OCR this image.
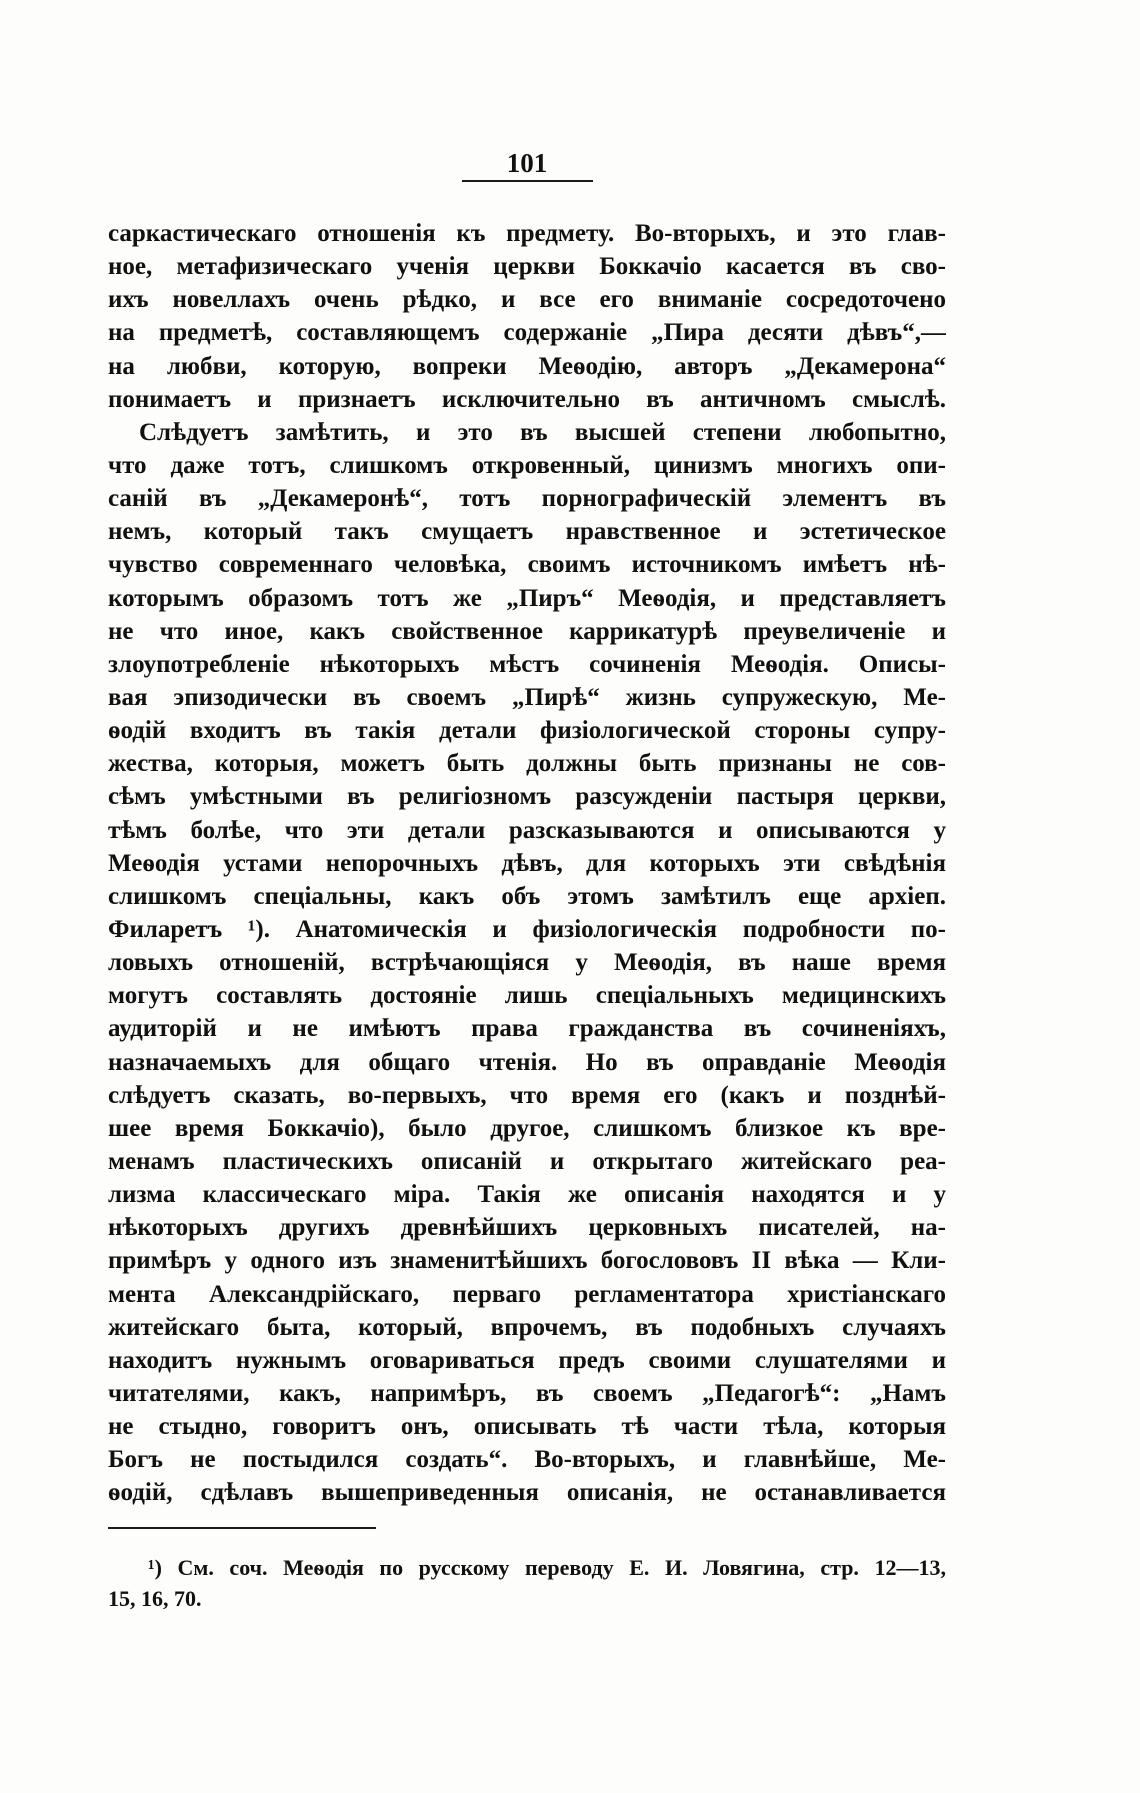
101
саркастическаго отношенія къ предмету. Во-вторыхъ, и это глав-
ное, метафизическаго ученія церкви Боккачіо касается въ сво-
ихъ новеллахъ очень рѣдко, и все его вниманіе сосредоточено
на предметѣ, составляющемъ содержаніе „Пира десяти дѣвъ“,—
на любви, которую, вопреки Меѳодію, авторъ „Декамерона“
понимаетъ и признаетъ исключительно въ античномъ смыслѣ.
Слѣдуетъ замѣтить, и это въ высшей степени любопытно,
что даже тотъ, слишкомъ откровенный, цинизмъ многихъ опи-
саній въ „Декамеронѣ“, тотъ порнографическій элементъ въ
немъ, который такъ смущаетъ нравственное и эстетическое
чувство современнаго человѣка, своимъ источникомъ имѣетъ нѣ-
которымъ образомъ тотъ же „Пиръ“ Меѳодія, и представляетъ
не что иное, какъ свойственное каррикатурѣ преувеличеніе и
злоупотребленіе нѣкоторыхъ мѣстъ сочиненія Меѳодія. Описы-
вая эпизодически въ своемъ „Пирѣ“ жизнь супружескую, Ме-
ѳодій входитъ въ такія детали физіологической стороны супру-
жества, которыя, можетъ быть должны быть признаны не сов-
сѣмъ умѣстными въ религіозномъ разсужденіи пастыря церкви,
тѣмъ болѣе, что эти детали разсказываются и описываются у
Меѳодія устами непорочныхъ дѣвъ, для которыхъ эти свѣдѣнія
слишкомъ спеціальны, какъ объ этомъ замѣтилъ еще архіеп.
Филаретъ ¹). Анатомическія и физіологическія подробности по-
ловыхъ отношеній, встрѣчающіяся у Меѳодія, въ наше время
могутъ составлять достояніе лишь спеціальныхъ медицинскихъ
аудиторій и не имѣютъ права гражданства въ сочиненіяхъ,
назначаемыхъ для общаго чтенія. Но въ оправданіе Меѳодія
слѣдуетъ сказать, во-первыхъ, что время его (какъ и позднѣй-
шее время Боккачіо), было другое, слишкомъ близкое къ вре-
менамъ пластическихъ описаній и открытаго житейскаго реа-
лизма классическаго міра. Такія же описанія находятся и у
нѣкоторыхъ другихъ древнѣйшихъ церковныхъ писателей, на-
примѣръ у одного изъ знаменитѣйшихъ богослововъ II вѣка — Кли-
мента Александрійскаго, перваго регламентатора христіанскаго
житейскаго быта, который, впрочемъ, въ подобныхъ случаяхъ
находитъ нужнымъ оговариваться предъ своими слушателями и
читателями, какъ, напримѣръ, въ своемъ „Педагогѣ“: „Намъ
не стыдно, говоритъ онъ, описывать тѣ части тѣла, которыя
Богъ не постыдился создать“. Во-вторыхъ, и главнѣйше, Ме-
ѳодій, сдѣлавъ вышеприведенныя описанія, не останавливается
¹) См. соч. Меѳодія по русскому переводу Е. И. Ловягина, стр. 12—13,
15, 16, 70.
